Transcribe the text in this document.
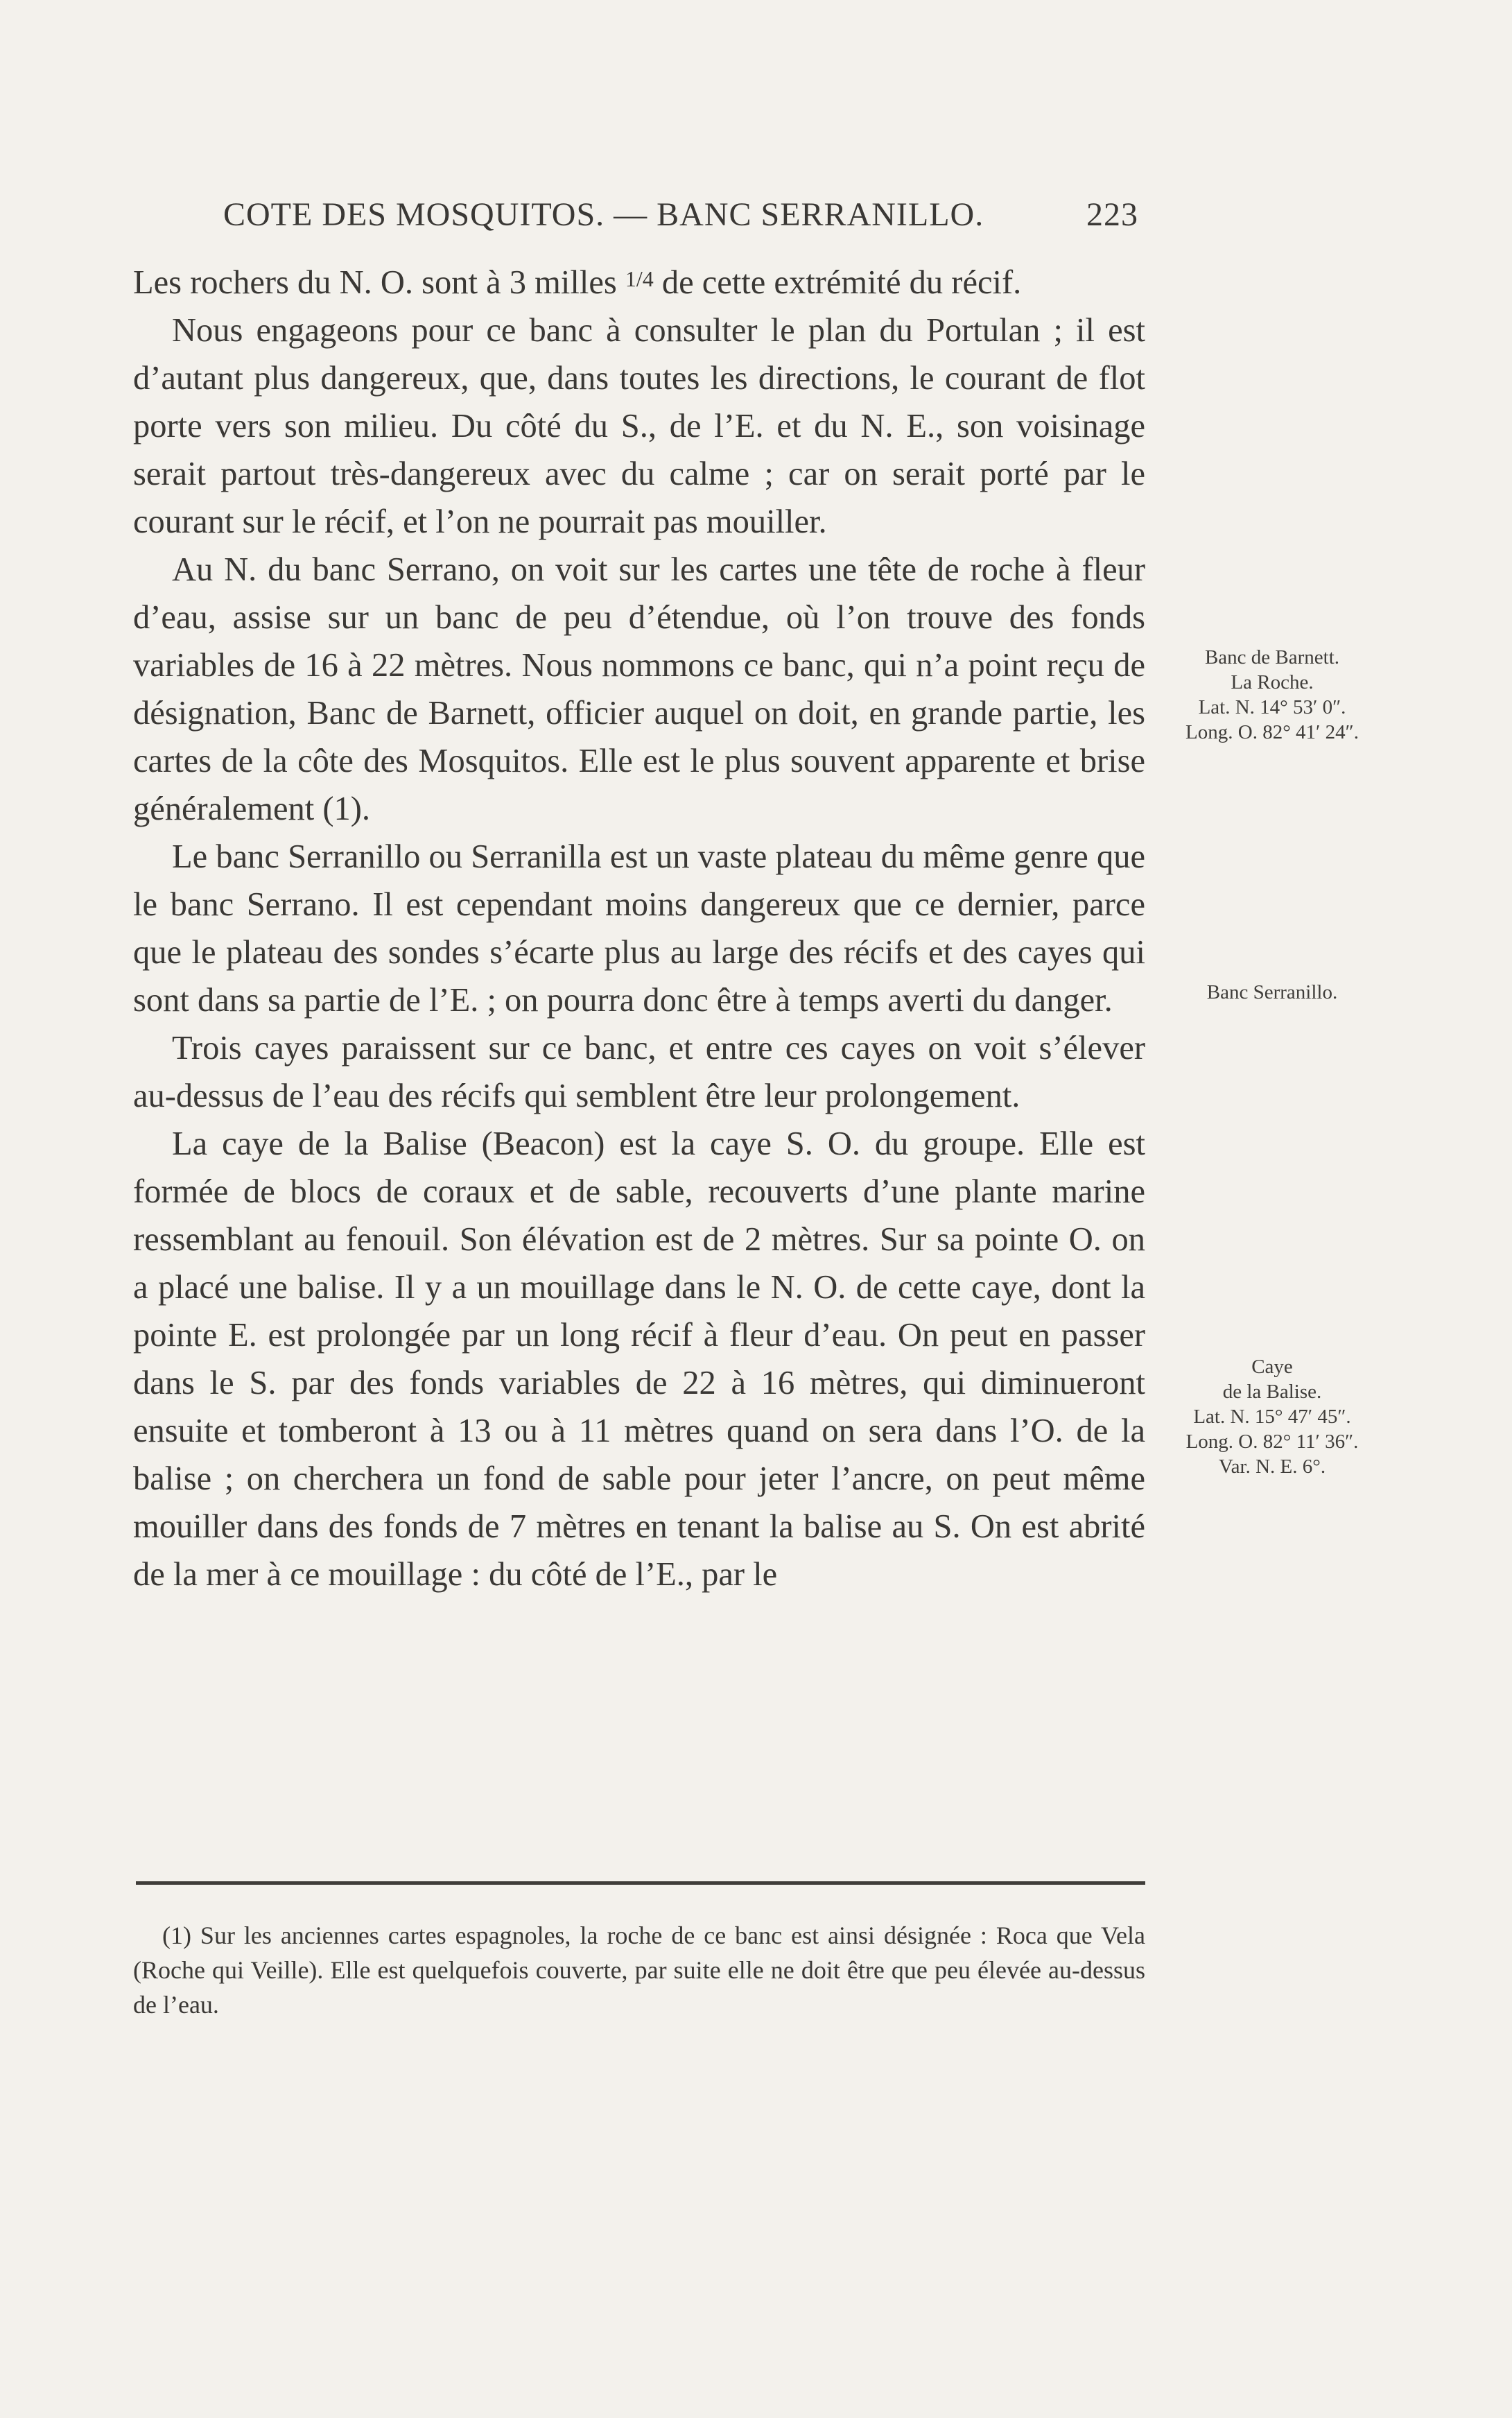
COTE DES MOSQUITOS. — BANC SERRANILLO.	223

Les rochers du N. O. sont à 3 milles $^{1/4}$ de cette extrémité du récif.

Nous engageons pour ce banc à consulter le plan du Portulan ; il est d’autant plus dangereux, que, dans toutes les directions, le courant de flot porte vers son milieu. Du côté du S., de l’E. et du N. E., son voisinage serait partout très-dangereux avec du calme ; car on serait porté par le courant sur le récif, et l’on ne pourrait pas mouiller.

Au N. du banc Serrano, on voit sur les cartes une tête de roche à fleur d’eau, assise sur un banc de peu d’étendue, où l’on trouve des fonds variables de 16 à 22 mètres. Nous nommons ce banc, qui n’a point reçu de désignation, Banc de Barnett, officier auquel on doit, en grande partie, les cartes de la côte des Mosquitos. Elle est le plus souvent apparente et brise généralement (1).

Le banc Serranillo ou Serranilla est un vaste plateau du même genre que le banc Serrano. Il est cependant moins dangereux que ce dernier, parce que le plateau des sondes s’écarte plus au large des récifs et des cayes qui sont dans sa partie de l’E. ; on pourra donc être à temps averti du danger.

Trois cayes paraissent sur ce banc, et entre ces cayes on voit s’élever au-dessus de l’eau des récifs qui semblent être leur prolongement.

La caye de la Balise (Beacon) est la caye S. O. du groupe. Elle est formée de blocs de coraux et de sable, recouverts d’une plante marine ressemblant au fenouil. Son élévation est de 2 mètres. Sur sa pointe O. on a placé une balise. Il y a un mouillage dans le N. O. de cette caye, dont la pointe E. est prolongée par un long récif à fleur d’eau. On peut en passer dans le S. par des fonds variables de 22 à 16 mètres, qui diminueront ensuite et tomberont à 13 ou à 11 mètres quand on sera dans l’O. de la balise ; on cherchera un fond de sable pour jeter l’ancre, on peut même mouiller dans des fonds de 7 mètres en tenant la balise au S. On est abrité de la mer à ce mouillage : du côté de l’E., par le

Banc de Barnett.
La Roche.
Lat. N. 14° 53′ 0″.
Long. O. 82° 41′ 24″.
Banc Serranillo.
Caye
de la Balise.
Lat. N. 15° 47′ 45″.
Long. O. 82° 11′ 36″.
Var. N. E. 6°.

(1) Sur les anciennes cartes espagnoles, la roche de ce banc est ainsi désignée : Roca que Vela (Roche qui Veille). Elle est quelquefois couverte, par suite elle ne doit être que peu élevée au-dessus de l’eau.
